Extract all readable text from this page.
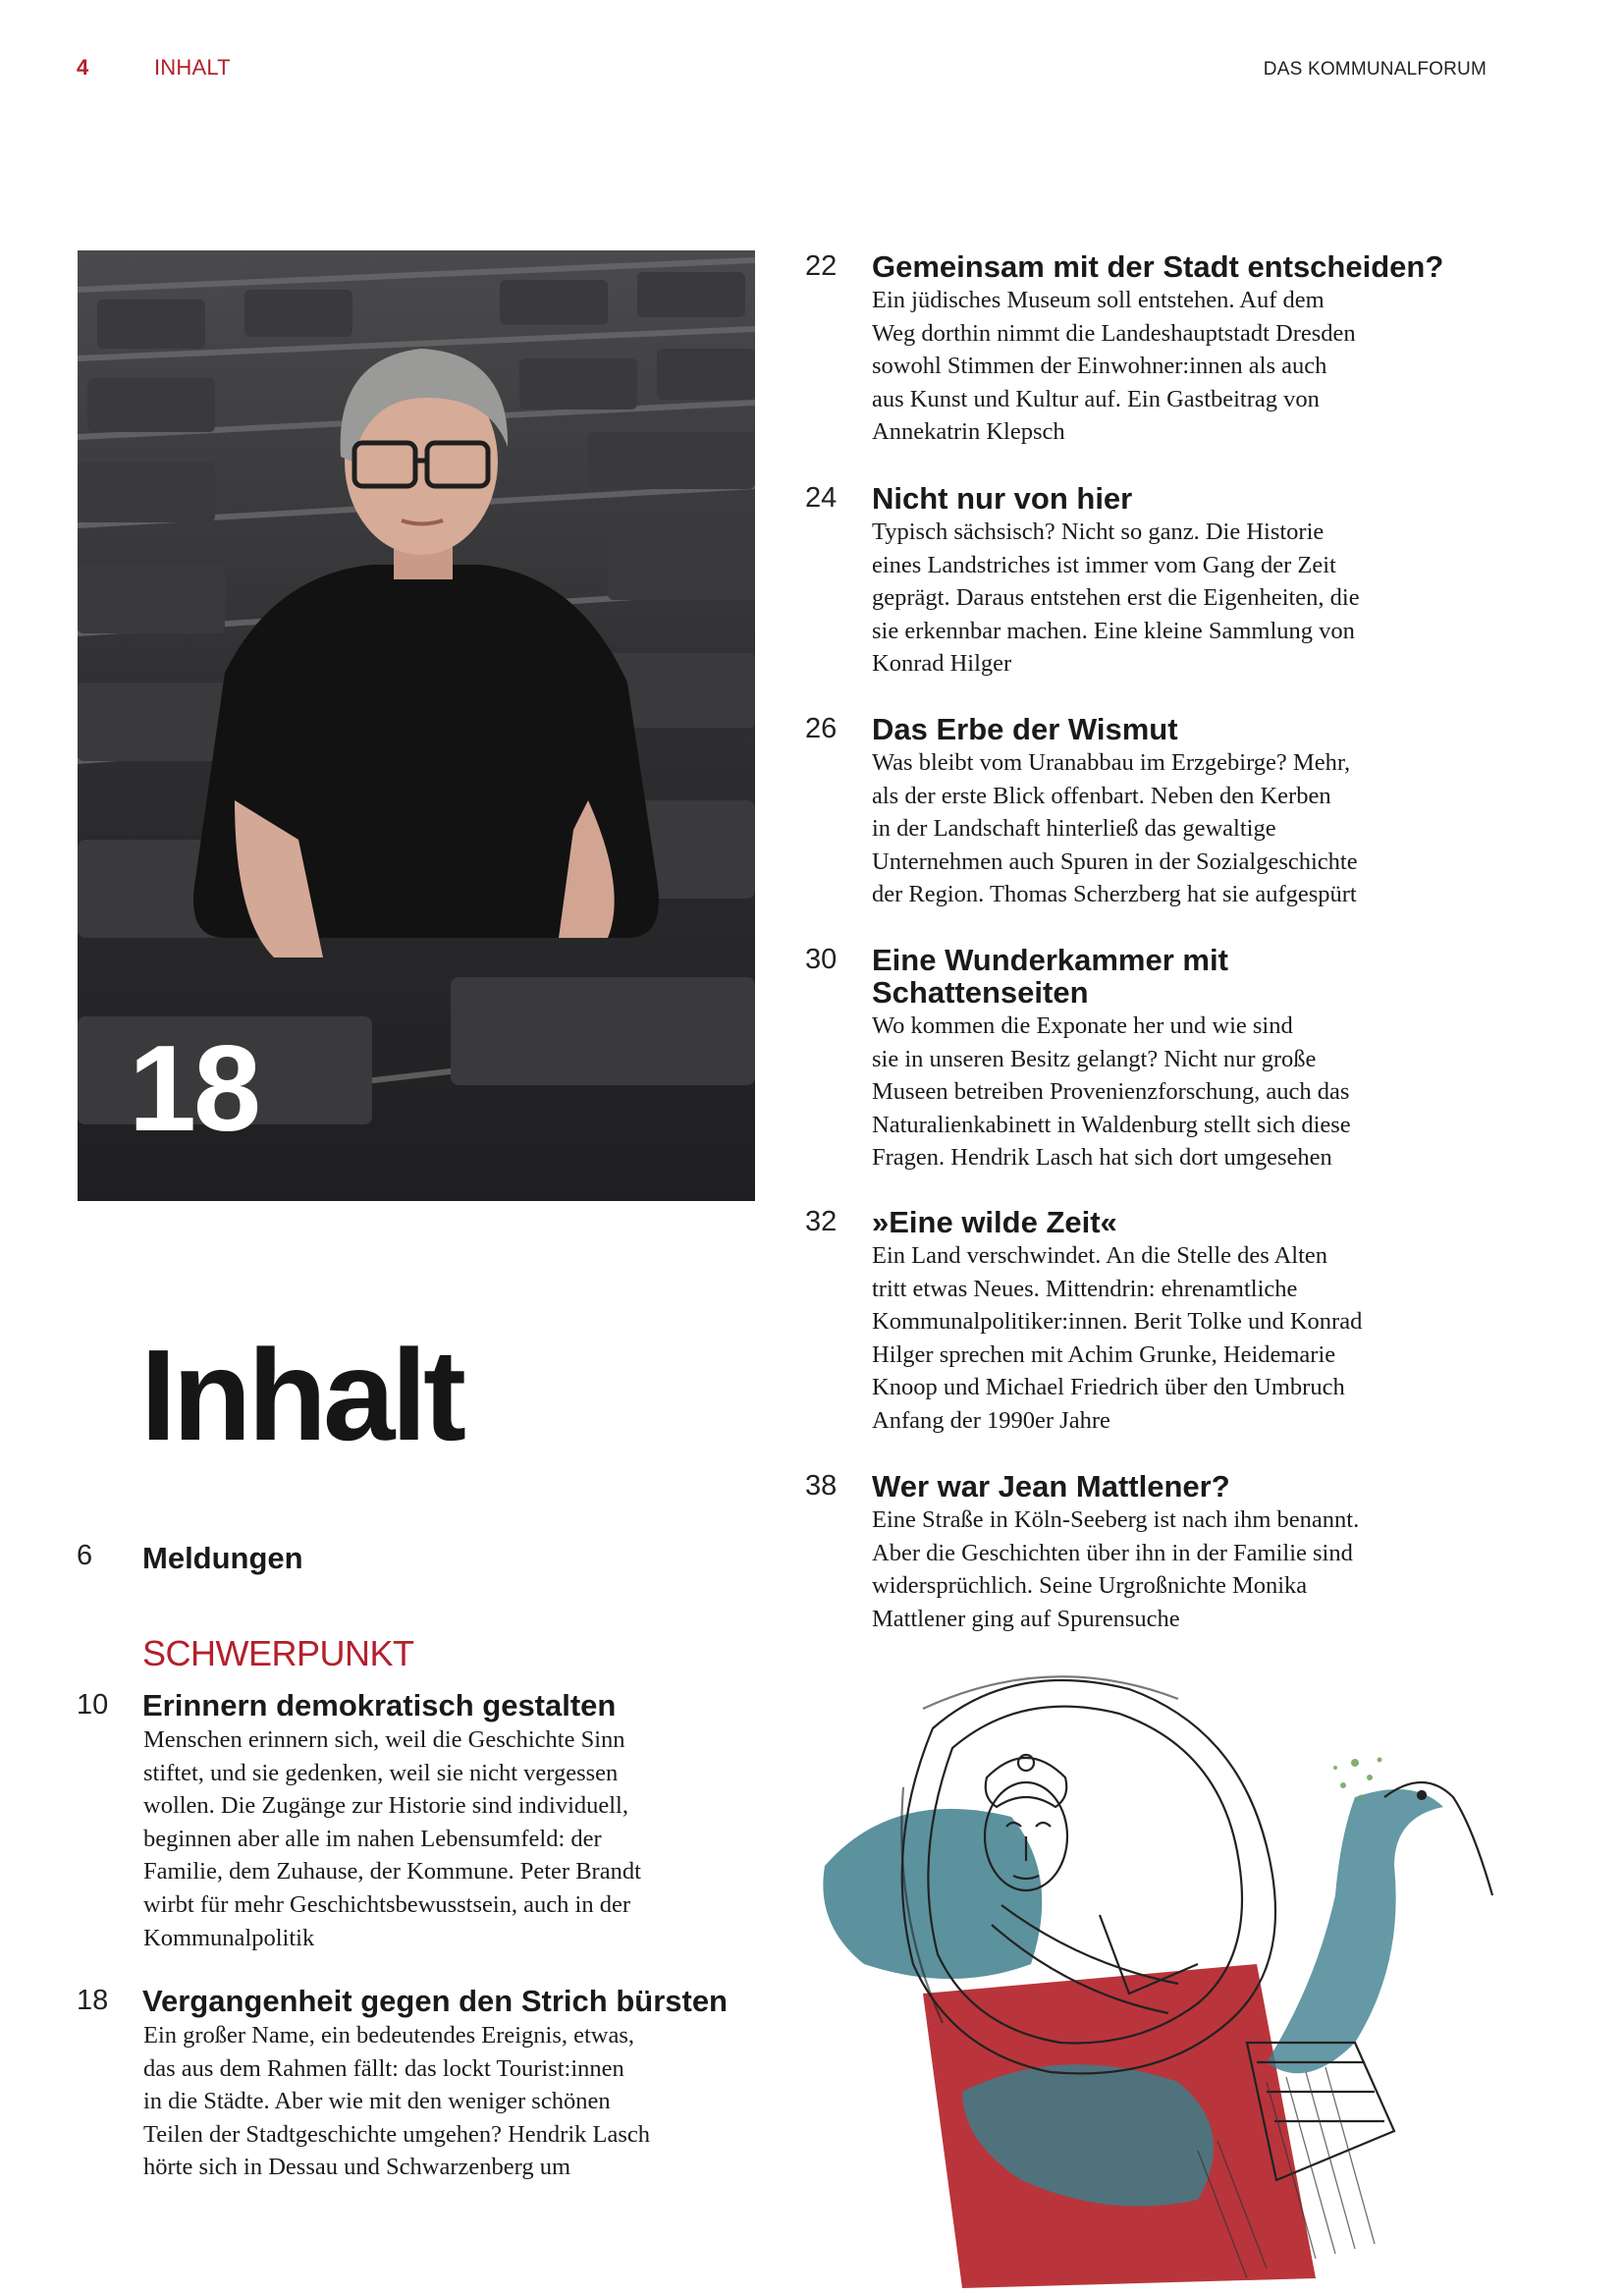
4	INHALT	DAS KOMMUNALFORUM
18
Inhalt
6 Meldungen
SCHWERPUNKT
10 Erinnern demokratisch gestalten
Menschen erinnern sich, weil die Geschichte Sinn
stiftet, und sie gedenken, weil sie nicht vergessen
wollen. Die Zugänge zur Historie sind individuell,
beginnen aber alle im nahen Lebensumfeld: der
Familie, dem Zuhause, der Kommune. Peter Brandt
wirbt für mehr Geschichtsbewusstsein, auch in der
Kommunalpolitik
18 Vergangenheit gegen den Strich bürsten
Ein großer Name, ein bedeutendes Ereignis, etwas,
das aus dem Rahmen fällt: das lockt Tourist:innen
in die Städte. Aber wie mit den weniger schönen
Teilen der Stadtgeschichte umgehen? Hendrik Lasch
hörte sich in Dessau und Schwarzenberg um
22 Gemeinsam mit der Stadt entscheiden?
Ein jüdisches Museum soll entstehen. Auf dem
Weg dorthin nimmt die Landeshauptstadt Dresden
sowohl Stimmen der Einwohner:innen als auch
aus Kunst und Kultur auf. Ein Gastbeitrag von
Annekatrin Klepsch
24 Nicht nur von hier
Typisch sächsisch? Nicht so ganz. Die Historie
eines Landstriches ist immer vom Gang der Zeit
geprägt. Daraus entstehen erst die Eigenheiten, die
sie erkennbar machen. Eine kleine Sammlung von
Konrad Hilger
26 Das Erbe der Wismut
Was bleibt vom Uranabbau im Erzgebirge? Mehr,
als der erste Blick offenbart. Neben den Kerben
in der Landschaft hinterließ das gewaltige
Unternehmen auch Spuren in der Sozialgeschichte
der Region. Thomas Scherzberg hat sie aufgespürt
30 Eine Wunderkammer mit
Schattenseiten
Wo kommen die Exponate her und wie sind
sie in unseren Besitz gelangt? Nicht nur große
Museen betreiben Provenienzforschung, auch das
Naturalienkabinett in Waldenburg stellt sich diese
Fragen. Hendrik Lasch hat sich dort umgesehen
32 »Eine wilde Zeit«
Ein Land verschwindet. An die Stelle des Alten
tritt etwas Neues. Mittendrin: ehrenamtliche
Kommunalpolitiker:innen. Berit Tolke und Konrad
Hilger sprechen mit Achim Grunke, Heidemarie
Knoop und Michael Friedrich über den Umbruch
Anfang der 1990er Jahre
38 Wer war Jean Mattlener?
Eine Straße in Köln-Seeberg ist nach ihm benannt.
Aber die Geschichten über ihn in der Familie sind
widersprüchlich. Seine Urgroßnichte Monika
Mattlener ging auf Spurensuche
